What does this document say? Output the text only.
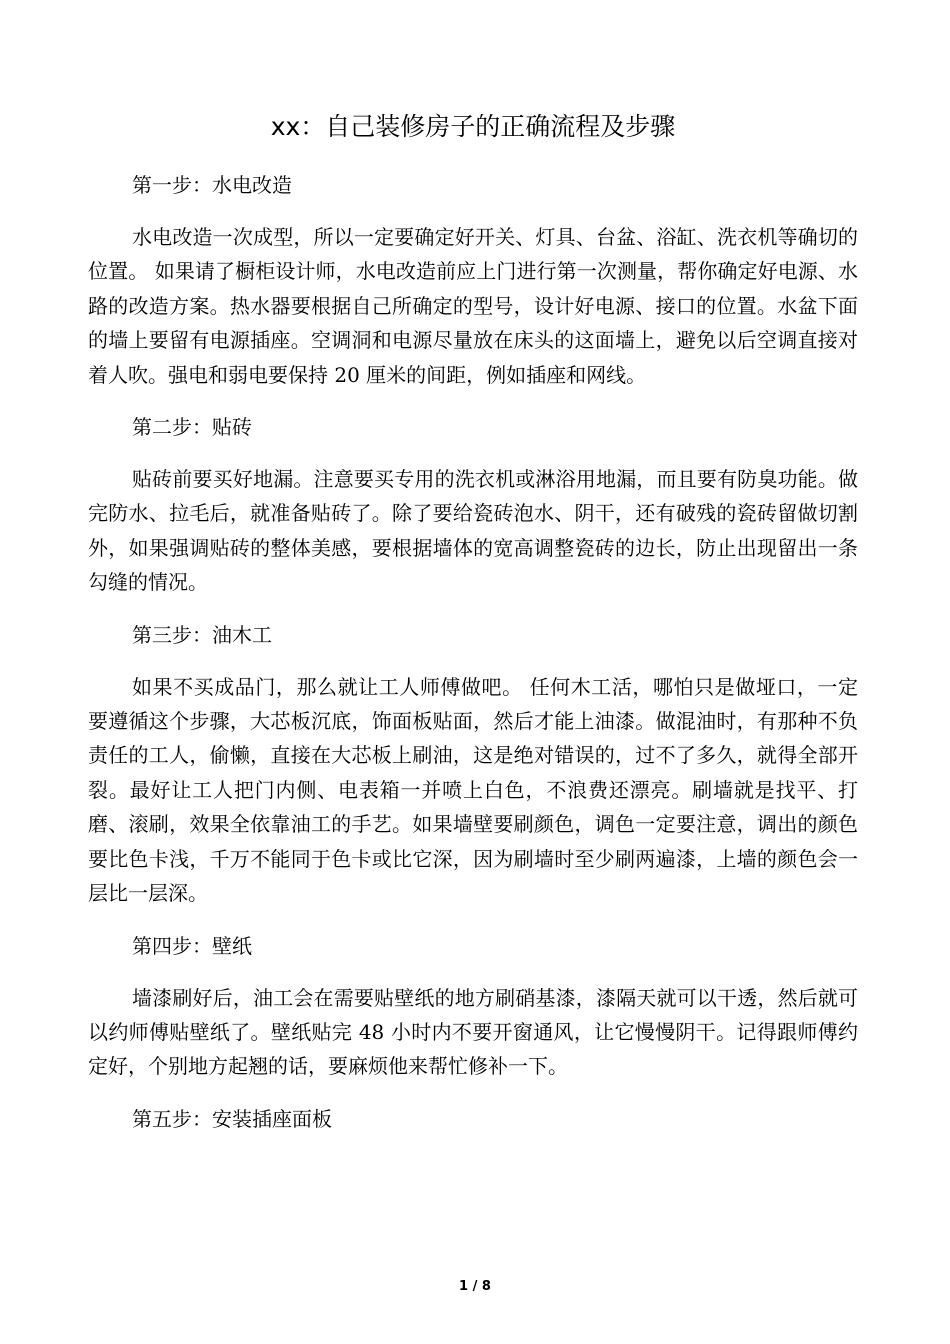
xx：自己装修房子的正确流程及步骤

第一步：水电改造

水电改造一次成型，所以一定要确定好开关、灯具、台盆、浴缸、洗衣机等确切的位置。 如果请了橱柜设计师，水电改造前应上门进行第一次测量，帮你确定好电源、水路的改造方案。热水器要根据自己所确定的型号，设计好电源、接口的位置。水盆下面的墙上要留有电源插座。空调洞和电源尽量放在床头的这面墙上，避免以后空调直接对着人吹。强电和弱电要保持 20 厘米的间距，例如插座和网线。

第二步：贴砖

贴砖前要买好地漏。注意要买专用的洗衣机或淋浴用地漏，而且要有防臭功能。做完防水、拉毛后，就准备贴砖了。除了要给瓷砖泡水、阴干，还有破残的瓷砖留做切割外，如果强调贴砖的整体美感，要根据墙体的宽高调整瓷砖的边长，防止出现留出一条勾缝的情况。

第三步：油木工

如果不买成品门，那么就让工人师傅做吧。 任何木工活，哪怕只是做垭口，一定要遵循这个步骤，大芯板沉底，饰面板贴面，然后才能上油漆。做混油时，有那种不负责任的工人，偷懒，直接在大芯板上刷油，这是绝对错误的，过不了多久，就得全部开裂。最好让工人把门内侧、电表箱一并喷上白色，不浪费还漂亮。刷墙就是找平、打磨、滚刷，效果全依靠油工的手艺。如果墙壁要刷颜色，调色一定要注意，调出的颜色要比色卡浅，千万不能同于色卡或比它深，因为刷墙时至少刷两遍漆，上墙的颜色会一层比一层深。

第四步：壁纸

墙漆刷好后，油工会在需要贴壁纸的地方刷硝基漆，漆隔天就可以干透，然后就可以约师傅贴壁纸了。壁纸贴完 48 小时内不要开窗通风，让它慢慢阴干。记得跟师傅约定好，个别地方起翘的话，要麻烦他来帮忙修补一下。

第五步：安装插座面板

1 / 8
